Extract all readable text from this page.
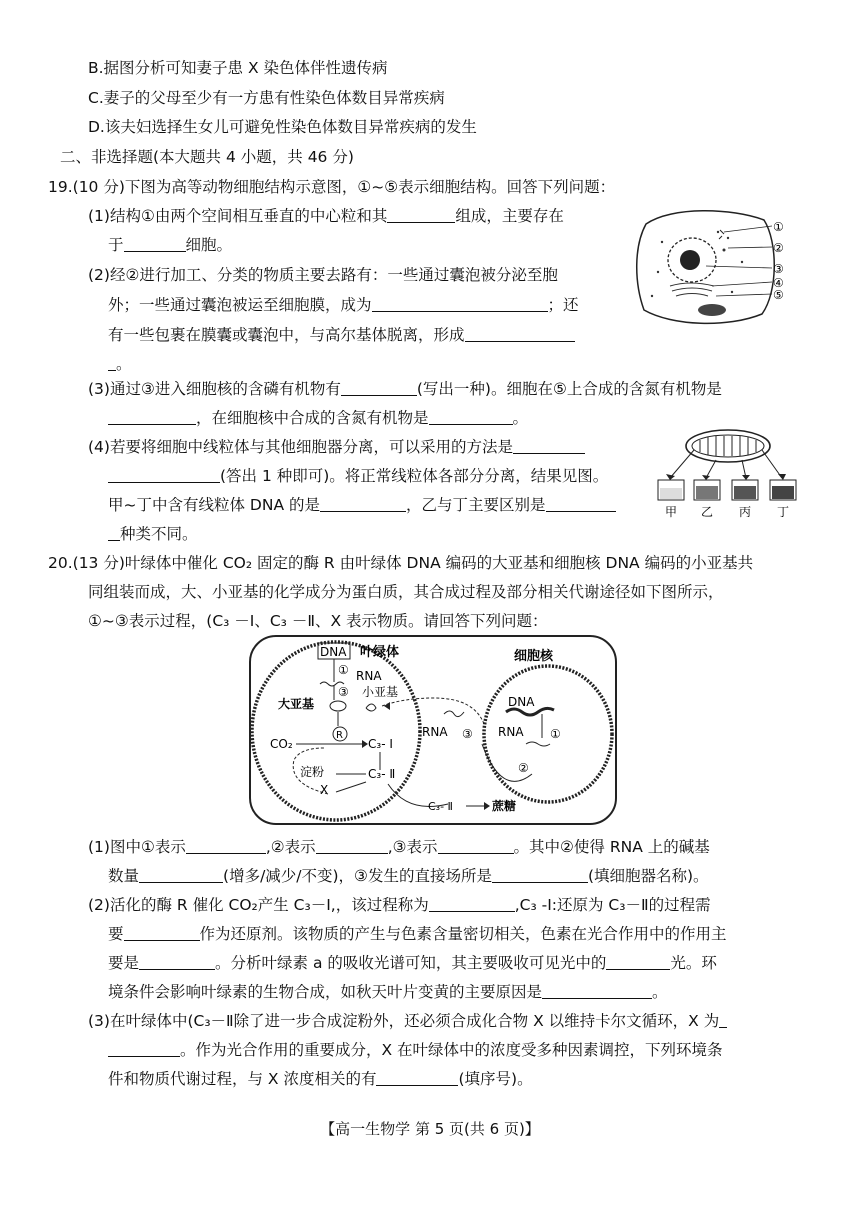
B.据图分析可知妻子患 X 染色体伴性遗传病
C.妻子的父母至少有一方患有性染色体数目异常疾病
D.该夫妇选择生女儿可避免性染色体数目异常疾病的发生
二、非选择题(本大题共 4 小题，共 46 分)
19.(10 分)下图为高等动物细胞结构示意图，①~⑤表示细胞结构。回答下列问题：
(1)结构①由两个空间相互垂直的中心粒和其	组成，主要存在
于	细胞。
(2)经②进行加工、分类的物质主要去路有：一些通过囊泡被分泌至胞
外；一些通过囊泡被运至细胞膜，成为	；还
有一些包裹在膜囊或囊泡中，与高尔基体脱离，形成
。
(3)通过③进入细胞核的含磷有机物有	(写出一种)。细胞在⑤上合成的含氮有机物是
，在细胞核中合成的含氮有机物是	。
(4)若要将细胞中线粒体与其他细胞器分离，可以采用的方法是
(答出 1 种即可)。将正常线粒体各部分分离，结果见图。
甲~丁中含有线粒体 DNA 的是	，乙与丁主要区别是
种类不同。
①
②
③
④
⑤
甲 乙 丙 丁
20.(13 分)叶绿体中催化 CO₂ 固定的酶 R 由叶绿体 DNA 编码的大亚基和细胞核 DNA 编码的小亚基共
同组装而成，大、小亚基的化学成分为蛋白质，其合成过程及部分相关代谢途径如下图所示，
①~③表示过程，(C₃ －Ⅰ、C₃ －Ⅱ、X 表示物质。请回答下列问题：
叶绿体	细胞核
DNA
① RNA
③ 小亚基
大亚基
R
CO₂	C₃- Ⅰ
淀粉	C₃- Ⅱ
X
RNA ③
DNA
RNA ①
②
C₃- Ⅱ	蔗糖
(1)图中①表示	,②表示	,③表示	。其中②使得 RNA 上的碱基
数量	(增多/减少/不变)，③发生的直接场所是	(填细胞器名称)。
(2)活化的酶 R 催化 CO₂产生 C₃－Ⅰ,，该过程称为	,C₃ -Ⅰ:还原为 C₃－Ⅱ的过程需
要	作为还原剂。该物质的产生与色素含量密切相关，色素在光合作用中的作用主
要是	。分析叶绿素 a 的吸收光谱可知，其主要吸收可见光中的	光。环
境条件会影响叶绿素的生物合成，如秋天叶片变黄的主要原因是	。
(3)在叶绿体中(C₃－Ⅱ除了进一步合成淀粉外，还必须合成化合物 X 以维持卡尔文循环，X 为
。作为光合作用的重要成分，X 在叶绿体中的浓度受多种因素调控，下列环境条
件和物质代谢过程，与 X 浓度相关的有	(填序号)。
【高一生物学 第 5 页(共 6 页)】
